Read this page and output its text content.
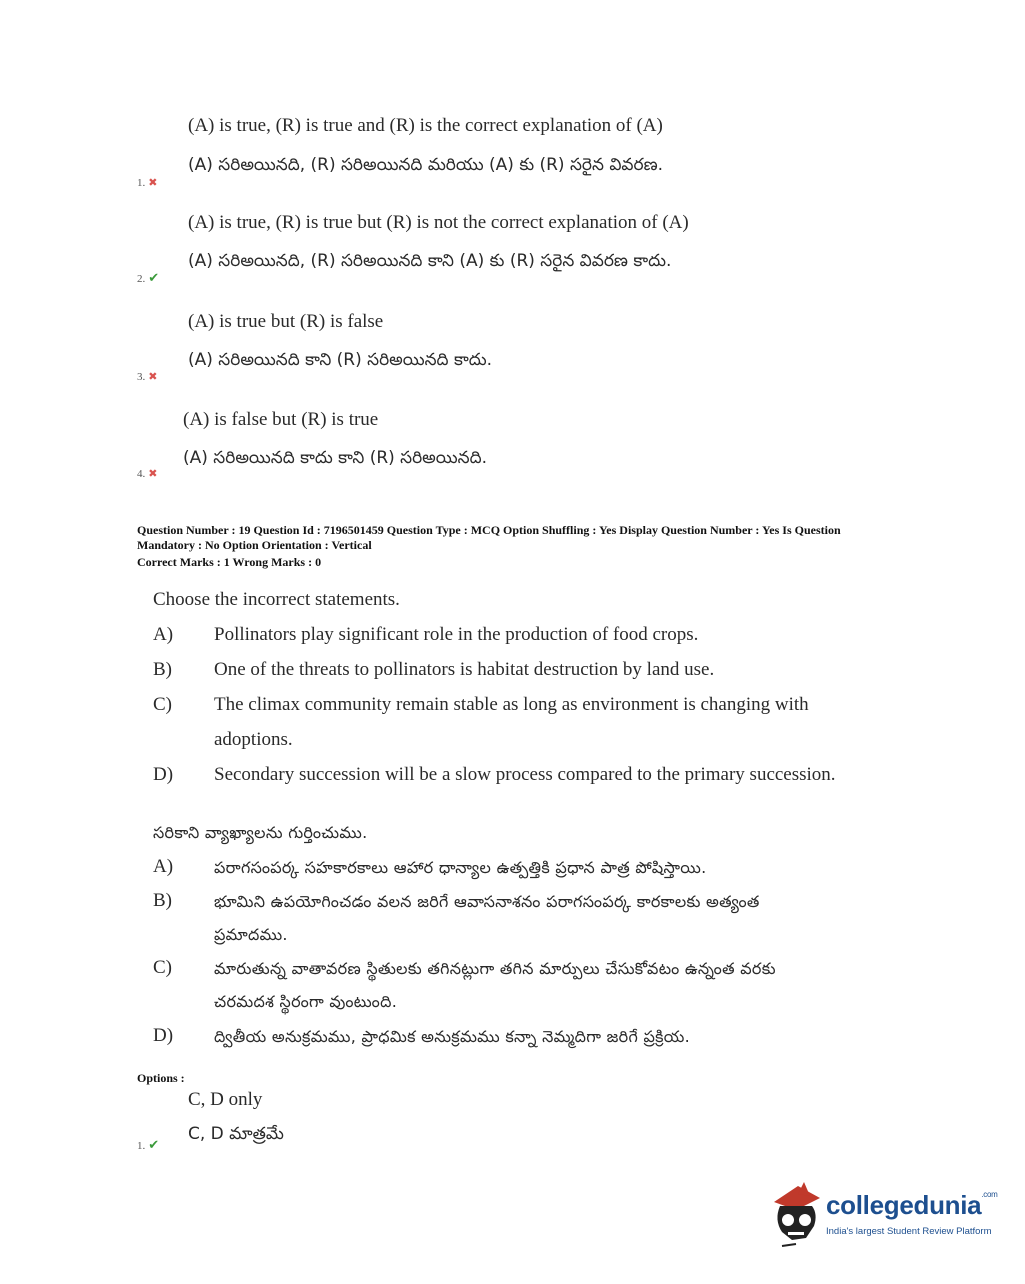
(A) is true, (R) is true and (R) is the correct explanation of (A)
(A) సరిఅయినది, (R) సరిఅయినది మరియు (A) కు (R) సరైన వివరణ.
1. ✖
(A) is true, (R) is true but (R) is not the correct explanation of (A)
(A) సరిఅయినది, (R) సరిఅయినది కాని (A) కు (R) సరైన వివరణ కాదు.
2. ✔
(A) is true but (R) is false
(A) సరిఅయినది కాని (R) సరిఅయినది కాదు.
3. ✖
(A) is false but (R) is true
(A) సరిఅయినది కాదు కాని (R) సరిఅయినది.
4. ✖
Question Number : 19 Question Id : 7196501459 Question Type : MCQ Option Shuffling : Yes Display Question Number : Yes Is Question
Mandatory : No Option Orientation : Vertical
Correct Marks : 1 Wrong Marks : 0
Choose the incorrect statements.
A) Pollinators play significant role in the production of food crops.
B) One of the threats to pollinators is habitat destruction by land use.
C) The climax community remain stable as long as environment is changing with
adoptions.
D) Secondary succession will be a slow process compared to the primary succession.
సరికాని వ్యాఖ్యాలను గుర్తించుము.
A)	పరాగసంపర్క సహకారకాలు ఆహార ధాన్యాల ఉత్పత్తికి ప్రధాన పాత్ర పోషిస్తాయి.
B)	భూమిని ఉపయోగించడం వలన జరిగే ఆవాసనాశనం పరాగసంపర్క కారకాలకు అత్యంత
ప్రమాదము.
C)	మారుతున్న వాతావరణ స్థితులకు తగినట్లుగా తగిన మార్పులు చేసుకోవటం ఉన్నంత వరకు
చరమదశ స్థిరంగా వుంటుంది.
D)	ద్వితీయ అనుక్రమము, ప్రాధమిక అనుక్రమము కన్నా నెమ్మదిగా జరిగే ప్రక్రియ.
Options :
C, D only
C, D మాత్రమే
1. ✔
collegedunia$^{.com}$
India's largest Student Review Platform
